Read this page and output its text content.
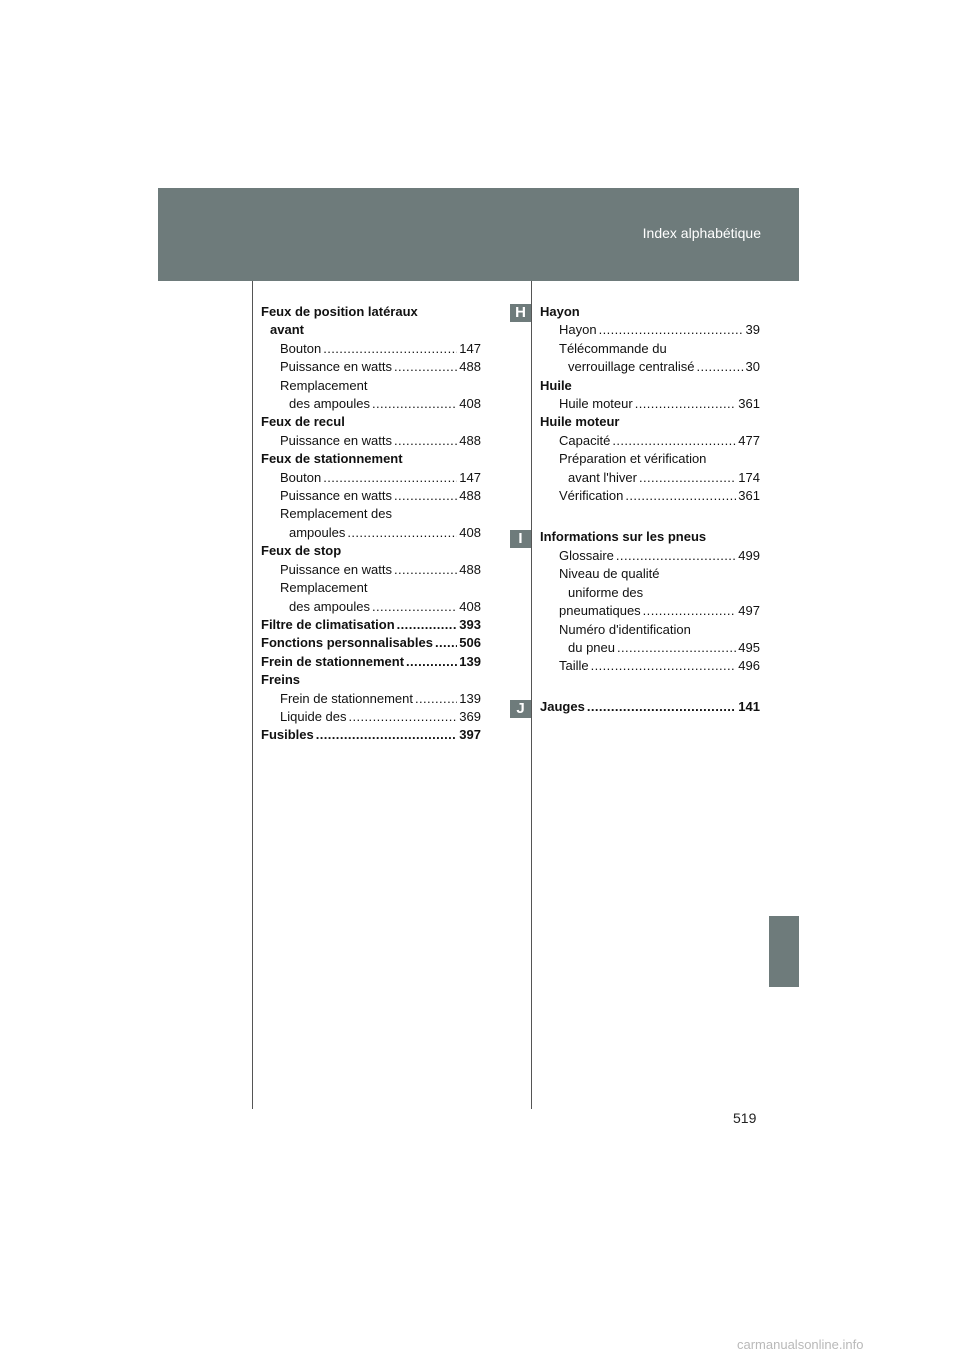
Index alphabétique
H
I
J
Feux de position latéraux
avant
Bouton .....	147
Puissance en watts .....	488
Remplacement
des ampoules .....	408
Feux de recul
Puissance en watts .....	488
Feux de stationnement
Bouton .....	147
Puissance en watts .....	488
Remplacement des
ampoules .....	408
Feux de stop
Puissance en watts .....	488
Remplacement
des ampoules .....	408
Filtre de climatisation .....	393
Fonctions personnalisables ..... 506
Frein de stationnement .....	139
Freins
Frein de stationnement .....	139
Liquide des .....	369
Fusibles .....	397
Hayon
Hayon .....	39
Télécommande du
verrouillage centralisé .....	30
Huile
Huile moteur .....	361
Huile moteur
Capacité .....	477
Préparation et vérification
avant l'hiver .....	174
Vérification .....	361
Informations sur les pneus
Glossaire .....	499
Niveau de qualité
uniforme des
pneumatiques .....	497
Numéro d'identification
du pneu .....	495
Taille .....	496
Jauges .....	141
519
carmanualsonline.info
